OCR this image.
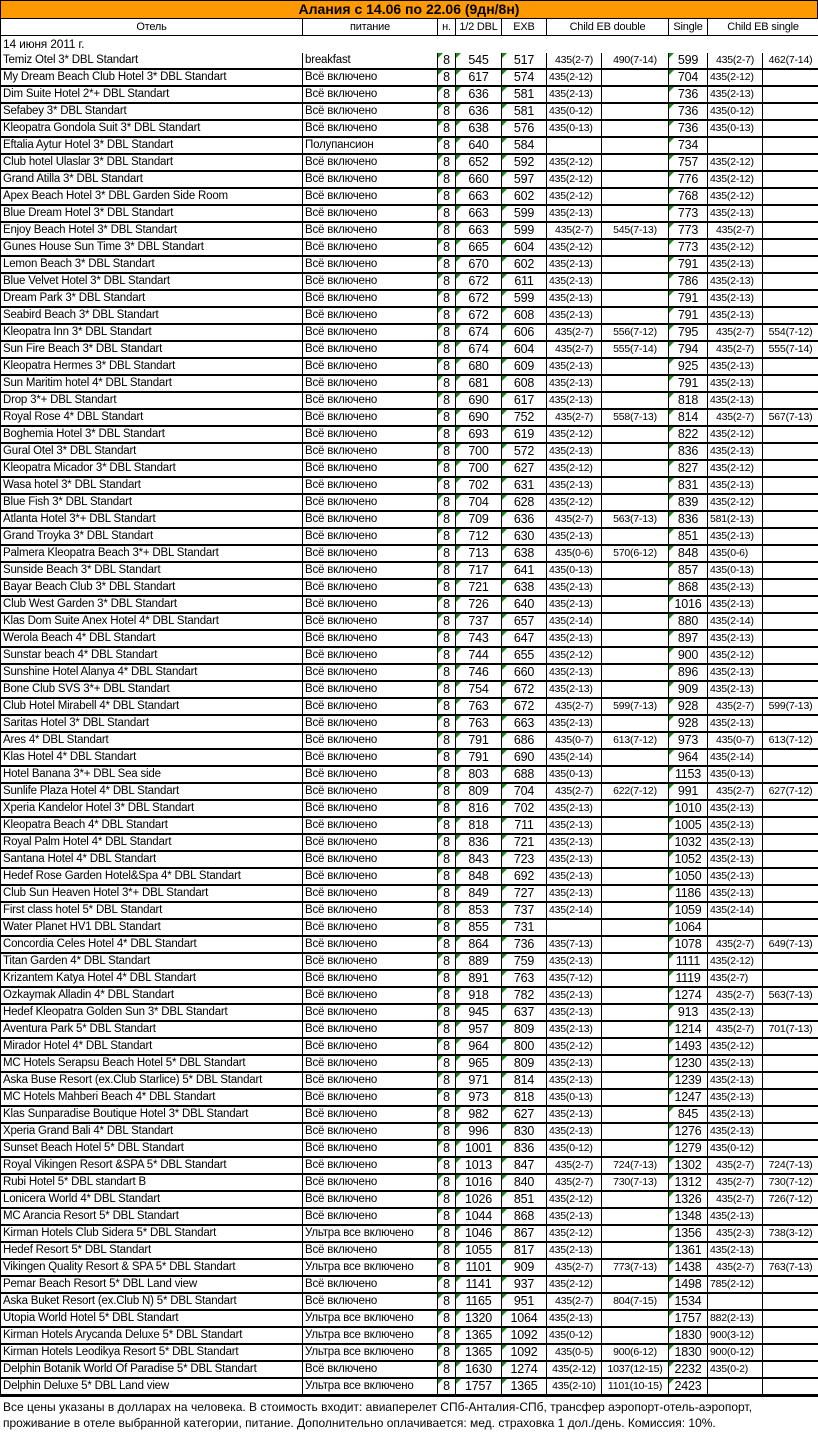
Алания с 14.06 по 22.06 (9дн/8н)
Отель	питание	н.	1/2 DBL	EXB	Child EB double		Single	Child EB single	
14 июня 2011 г.									
Temiz Otel 3* DBL Standart	breakfast	8	545	517	435(2-7)	490(7-14)	599	435(2-7)	462(7-14)
My Dream Beach Club Hotel 3* DBL Standart	Всё включено	8	617	574	435(2-12)		704	435(2-12)	
Dim Suite Hotel 2*+ DBL Standart	Всё включено	8	636	581	435(2-13)		736	435(2-13)	
Sefabey 3* DBL Standart	Всё включено	8	636	581	435(0-12)		736	435(0-12)	
Kleopatra Gondola Suit 3* DBL Standart	Всё включено	8	638	576	435(0-13)		736	435(0-13)	
Eftalia Aytur Hotel 3* DBL Standart	Полупансион	8	640	584			734		
Club hotel Ulaslar 3* DBL Standart	Всё включено	8	652	592	435(2-12)		757	435(2-12)	
Grand Atilla 3* DBL Standart	Всё включено	8	660	597	435(2-12)		776	435(2-12)	
Apex Beach Hotel 3* DBL Garden Side Room	Всё включено	8	663	602	435(2-12)		768	435(2-12)	
Blue Dream Hotel 3* DBL Standart	Всё включено	8	663	599	435(2-13)		773	435(2-13)	
Enjoy Beach Hotel 3* DBL Standart	Всё включено	8	663	599	435(2-7)	545(7-13)	773	435(2-7)	
Gunes House Sun Time 3* DBL Standart	Всё включено	8	665	604	435(2-12)		773	435(2-12)	
Lemon Beach 3* DBL Standart	Всё включено	8	670	602	435(2-13)		791	435(2-13)	
Blue Velvet Hotel 3* DBL Standart	Всё включено	8	672	611	435(2-13)		786	435(2-13)	
Dream Park 3* DBL Standart	Всё включено	8	672	599	435(2-13)		791	435(2-13)	
Seabird Beach 3* DBL Standart	Всё включено	8	672	608	435(2-13)		791	435(2-13)	
Kleopatra Inn 3* DBL Standart	Всё включено	8	674	606	435(2-7)	556(7-12)	795	435(2-7)	554(7-12)
Sun Fire Beach 3* DBL Standart	Всё включено	8	674	604	435(2-7)	555(7-14)	794	435(2-7)	555(7-14)
Kleopatra Hermes 3* DBL Standart	Всё включено	8	680	609	435(2-13)		925	435(2-13)	
Sun Maritim hotel 4* DBL Standart	Всё включено	8	681	608	435(2-13)		791	435(2-13)	
Drop 3*+ DBL Standart	Всё включено	8	690	617	435(2-13)		818	435(2-13)	
Royal Rose 4* DBL Standart	Всё включено	8	690	752	435(2-7)	558(7-13)	814	435(2-7)	567(7-13)
Boghemia Hotel 3* DBL Standart	Всё включено	8	693	619	435(2-12)		822	435(2-12)	
Gural Otel 3* DBL Standart	Всё включено	8	700	572	435(2-13)		836	435(2-13)	
Kleopatra Micador 3* DBL Standart	Всё включено	8	700	627	435(2-12)		827	435(2-12)	
Wasa hotel 3* DBL Standart	Всё включено	8	702	631	435(2-13)		831	435(2-13)	
Blue Fish 3* DBL Standart	Всё включено	8	704	628	435(2-12)		839	435(2-12)	
Atlanta Hotel 3*+ DBL Standart	Всё включено	8	709	636	435(2-7)	563(7-13)	836	581(2-13)	
Grand Troyka 3* DBL Standart	Всё включено	8	712	630	435(2-13)		851	435(2-13)	
Palmera Kleopatra Beach 3*+ DBL Standart	Всё включено	8	713	638	435(0-6)	570(6-12)	848	435(0-6)	
Sunside Beach 3* DBL Standart	Всё включено	8	717	641	435(0-13)		857	435(0-13)	
Bayar Beach Club 3* DBL Standart	Всё включено	8	721	638	435(2-13)		868	435(2-13)	
Club West Garden 3* DBL Standart	Всё включено	8	726	640	435(2-13)		1016	435(2-13)	
Klas Dom Suite Anex Hotel 4* DBL Standart	Всё включено	8	737	657	435(2-14)		880	435(2-14)	
Werola Beach 4* DBL Standart	Всё включено	8	743	647	435(2-13)		897	435(2-13)	
Sunstar beach 4* DBL Standart	Всё включено	8	744	655	435(2-12)		900	435(2-12)	
Sunshine Hotel Alanya 4* DBL Standart	Всё включено	8	746	660	435(2-13)		896	435(2-13)	
Bone Club SVS 3*+ DBL Standart	Всё включено	8	754	672	435(2-13)		909	435(2-13)	
Club Hotel Mirabell 4* DBL Standart	Всё включено	8	763	672	435(2-7)	599(7-13)	928	435(2-7)	599(7-13)
Saritas Hotel 3* DBL Standart	Всё включено	8	763	663	435(2-13)		928	435(2-13)	
Ares 4* DBL Standart	Всё включено	8	791	686	435(0-7)	613(7-12)	973	435(0-7)	613(7-12)
Klas Hotel 4* DBL Standart	Всё включено	8	791	690	435(2-14)		964	435(2-14)	
Hotel Banana 3*+ DBL Sea side	Всё включено	8	803	688	435(0-13)		1153	435(0-13)	
Sunlife Plaza Hotel 4* DBL Standart	Всё включено	8	809	704	435(2-7)	622(7-12)	991	435(2-7)	627(7-12)
Xperia Kandelor Hotel 3* DBL Standart	Всё включено	8	816	702	435(2-13)		1010	435(2-13)	
Kleopatra Beach 4* DBL Standart	Всё включено	8	818	711	435(2-13)		1005	435(2-13)	
Royal Palm Hotel 4* DBL Standart	Всё включено	8	836	721	435(2-13)		1032	435(2-13)	
Santana Hotel 4* DBL Standart	Всё включено	8	843	723	435(2-13)		1052	435(2-13)	
Hedef Rose Garden Hotel&Spa 4* DBL Standart	Всё включено	8	848	692	435(2-13)		1050	435(2-13)	
Club Sun Heaven Hotel 3*+ DBL Standart	Всё включено	8	849	727	435(2-13)		1186	435(2-13)	
First class hotel 5* DBL Standart	Всё включено	8	853	737	435(2-14)		1059	435(2-14)	
Water Planet HV1 DBL Standart	Всё включено	8	855	731			1064		
Concordia Celes Hotel 4* DBL Standart	Всё включено	8	864	736	435(7-13)		1078	435(2-7)	649(7-13)
Titan Garden 4* DBL Standart	Всё включено	8	889	759	435(2-13)		1111	435(2-12)	
Krizantem Katya Hotel 4* DBL Standart	Всё включено	8	891	763	435(7-12)		1119	435(2-7)	
Ozkaymak Alladin 4* DBL Standart	Всё включено	8	918	782	435(2-13)		1274	435(2-7)	563(7-13)
Hedef Kleopatra Golden Sun 3* DBL Standart	Всё включено	8	945	637	435(2-13)		913	435(2-13)	
Aventura Park 5* DBL Standart	Всё включено	8	957	809	435(2-13)		1214	435(2-7)	701(7-13)
Mirador Hotel 4* DBL Standart	Всё включено	8	964	800	435(2-12)		1493	435(2-12)	
MC Hotels Serapsu Beach Hotel 5* DBL Standart	Всё включено	8	965	809	435(2-13)		1230	435(2-13)	
Aska Buse Resort (ex.Club Starlice) 5* DBL Standart	Всё включено	8	971	814	435(2-13)		1239	435(2-13)	
MC Hotels Mahberi Beach 4* DBL Standart	Всё включено	8	973	818	435(0-13)		1247	435(2-13)	
Klas Sunparadise Boutique Hotel 3* DBL Standart	Всё включено	8	982	627	435(2-13)		845	435(2-13)	
Xperia Grand Bali 4* DBL Standart	Всё включено	8	996	830	435(2-13)		1276	435(2-13)	
Sunset Beach Hotel 5* DBL Standart	Всё включено	8	1001	836	435(0-12)		1279	435(0-12)	
Royal Vikingen Resort &SPA 5* DBL Standart	Всё включено	8	1013	847	435(2-7)	724(7-13)	1302	435(2-7)	724(7-13)
Rubi Hotel 5* DBL standart B	Всё включено	8	1016	840	435(2-7)	730(7-13)	1312	435(2-7)	730(7-12)
Lonicera World 4* DBL Standart	Всё включено	8	1026	851	435(2-12)		1326	435(2-7)	726(7-12)
MC Arancia Resort 5* DBL Standart	Всё включено	8	1044	868	435(2-13)		1348	435(2-13)	
Kirman Hotels Club Sidera 5* DBL Standart	Ультра все включено	8	1046	867	435(2-12)		1356	435(2-3)	738(3-12)
Hedef Resort 5* DBL Standart	Всё включено	8	1055	817	435(2-13)		1361	435(2-13)	
Vikingen Quality Resort & SPA 5* DBL Standart	Ультра все включено	8	1101	909	435(2-7)	773(7-13)	1438	435(2-7)	763(7-13)
Pemar Beach Resort 5* DBL Land view	Всё включено	8	1141	937	435(2-12)		1498	785(2-12)	
Aska Buket Resort (ex.Club N) 5* DBL Standart	Всё включено	8	1165	951	435(2-7)	804(7-15)	1534		
Utopia World Hotel 5* DBL Standart	Ультра все включено	8	1320	1064	435(2-13)		1757	882(2-13)	
Kirman Hotels Arycanda Deluxe 5* DBL Standart	Ультра все включено	8	1365	1092	435(0-12)		1830	900(3-12)	
Kirman Hotels Leodikya Resort 5* DBL Standart	Ультра все включено	8	1365	1092	435(0-5)	900(6-12)	1830	900(0-12)	
Delphin Botanik World Of Paradise 5* DBL Standart	Всё включено	8	1630	1274	435(2-12)	1037(12-15)	2232	435(0-2)	
Delphin Deluxe 5* DBL Land view	Ультра все включено	8	1757	1365	435(2-10)	1101(10-15)	2423		
Все цены указаны в долларах на человека. В стоимость входит: авиаперелет СПб-Анталия-СПб, трансфер аэропорт-отель-аэропорт,
проживание в отеле выбранной категории, питание. Дополнительно оплачивается: мед. страховка 1 дол./день. Комиссия: 10%.
